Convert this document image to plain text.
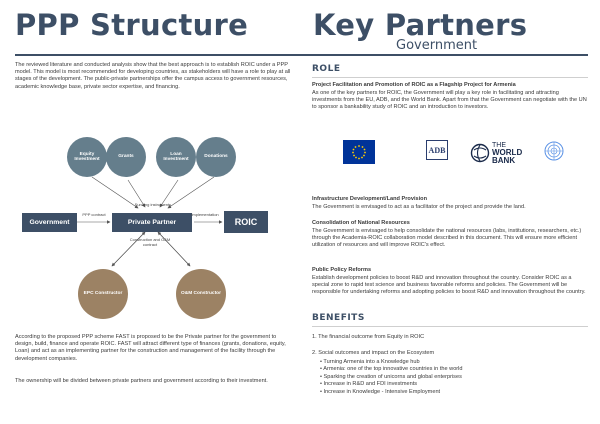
PPP Structure
The reviewed literature and conducted analysis show that the best approach is to establish ROIC under a PPP model. This model is most recommended for developing countries, as stakeholders will have a role to play at all stages of the development. The public-private partnerships offer the campus access to government resources, academic knowledge base, private sector expertise, and financing.
Equity Investment
Grants
Loan Investment
Donations
Funding instruments
Government
PPP contract
Private Partner
Implementation
ROIC
Construction and O&M contract
EPC Constructor	O&M Constructor
According to the proposed PPP scheme FAST is proposed to be the Private partner for the government to design, build, finance and operate ROIC. FAST will attract different type of finances (grants, donations, equity, Loan) and act as an implementing partner for the construction and management of the facility through the development companies.
The ownership will be divided between private partners and government according to their investment.
Key Partners
Government
ROLE
Project Facilitation and Promotion of ROIC as a Flagship Project for Armenia
As one of the key partners for ROIC, the Government will play a key role in facilitating and attracting investments from the EU, ADB, and the World Bank. Apart from that the Government can negotiate with the UN to sponsor a bankability study of ROIC and an introduction to investors.
ADB
THE
WORLD
BANK
Infrastructure Development/Land Provision
The Government is envisaged to act as a facilitator of the project and provide the land.
Consolidation of National Resources
The Government is envisaged to help consolidate the national resources (labs, institutions, researchers, etc.) through the Academia-ROIC collaboration model described in this document. This will ensure more efficient utilization of resources and will improve ROIC's effect.
Public Policy Reforms
Establish development policies to boost R&D and innovation throughout the country. Consider ROIC as a special zone to rapid test science and business favorable reforms and policies. The Government will be responsible for undertaking reforms and adopting policies to boost R&D and innovation throughout the country.
BENEFITS
1. The financial outcome from Equity in ROIC
2. Social outcomes and impact on the Ecosystem
• Turning Armenia into a Knowledge hub
• Armenia: one of the top innovative countries in the world
• Sparking the creation of unicorns and global enterprises
• Increase in R&D and FDI investments
• Increase in Knowledge - Intensive Employment
